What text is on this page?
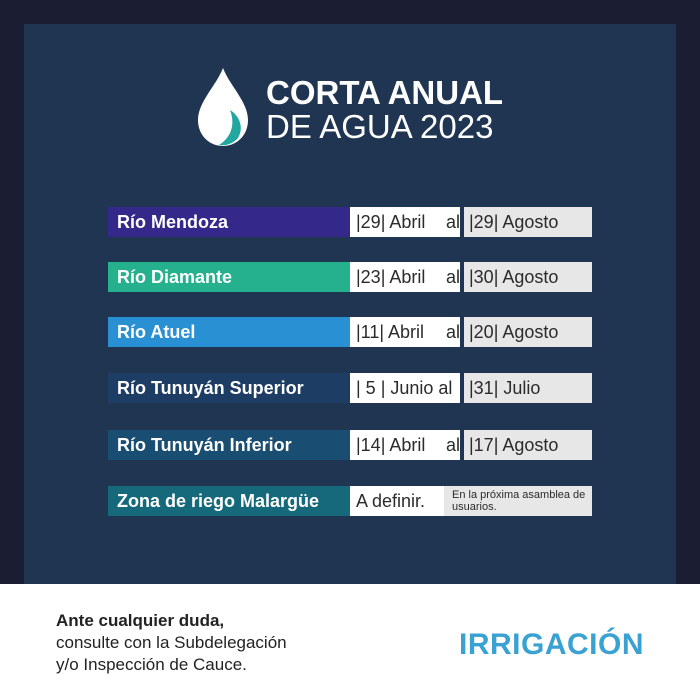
CORTA ANUAL
DE AGUA 2023
Río Mendoza	|29| Abril	al |29| Agosto
Río Diamante	|23| Abril	al |30| Agosto
Río Atuel	|11| Abril	al |20| Agosto
Río Tunuyán Superior	| 5 | Junio al |31| Julio
Río Tunuyán Inferior	|14| Abril	al |17| Agosto
Zona de riego Malargüe	A definir.	En la próxima asamblea de usuarios.
Ante cualquier duda,
consulte con la Subdelegación
y/o Inspección de Cauce.
IRRIGACIÓN
